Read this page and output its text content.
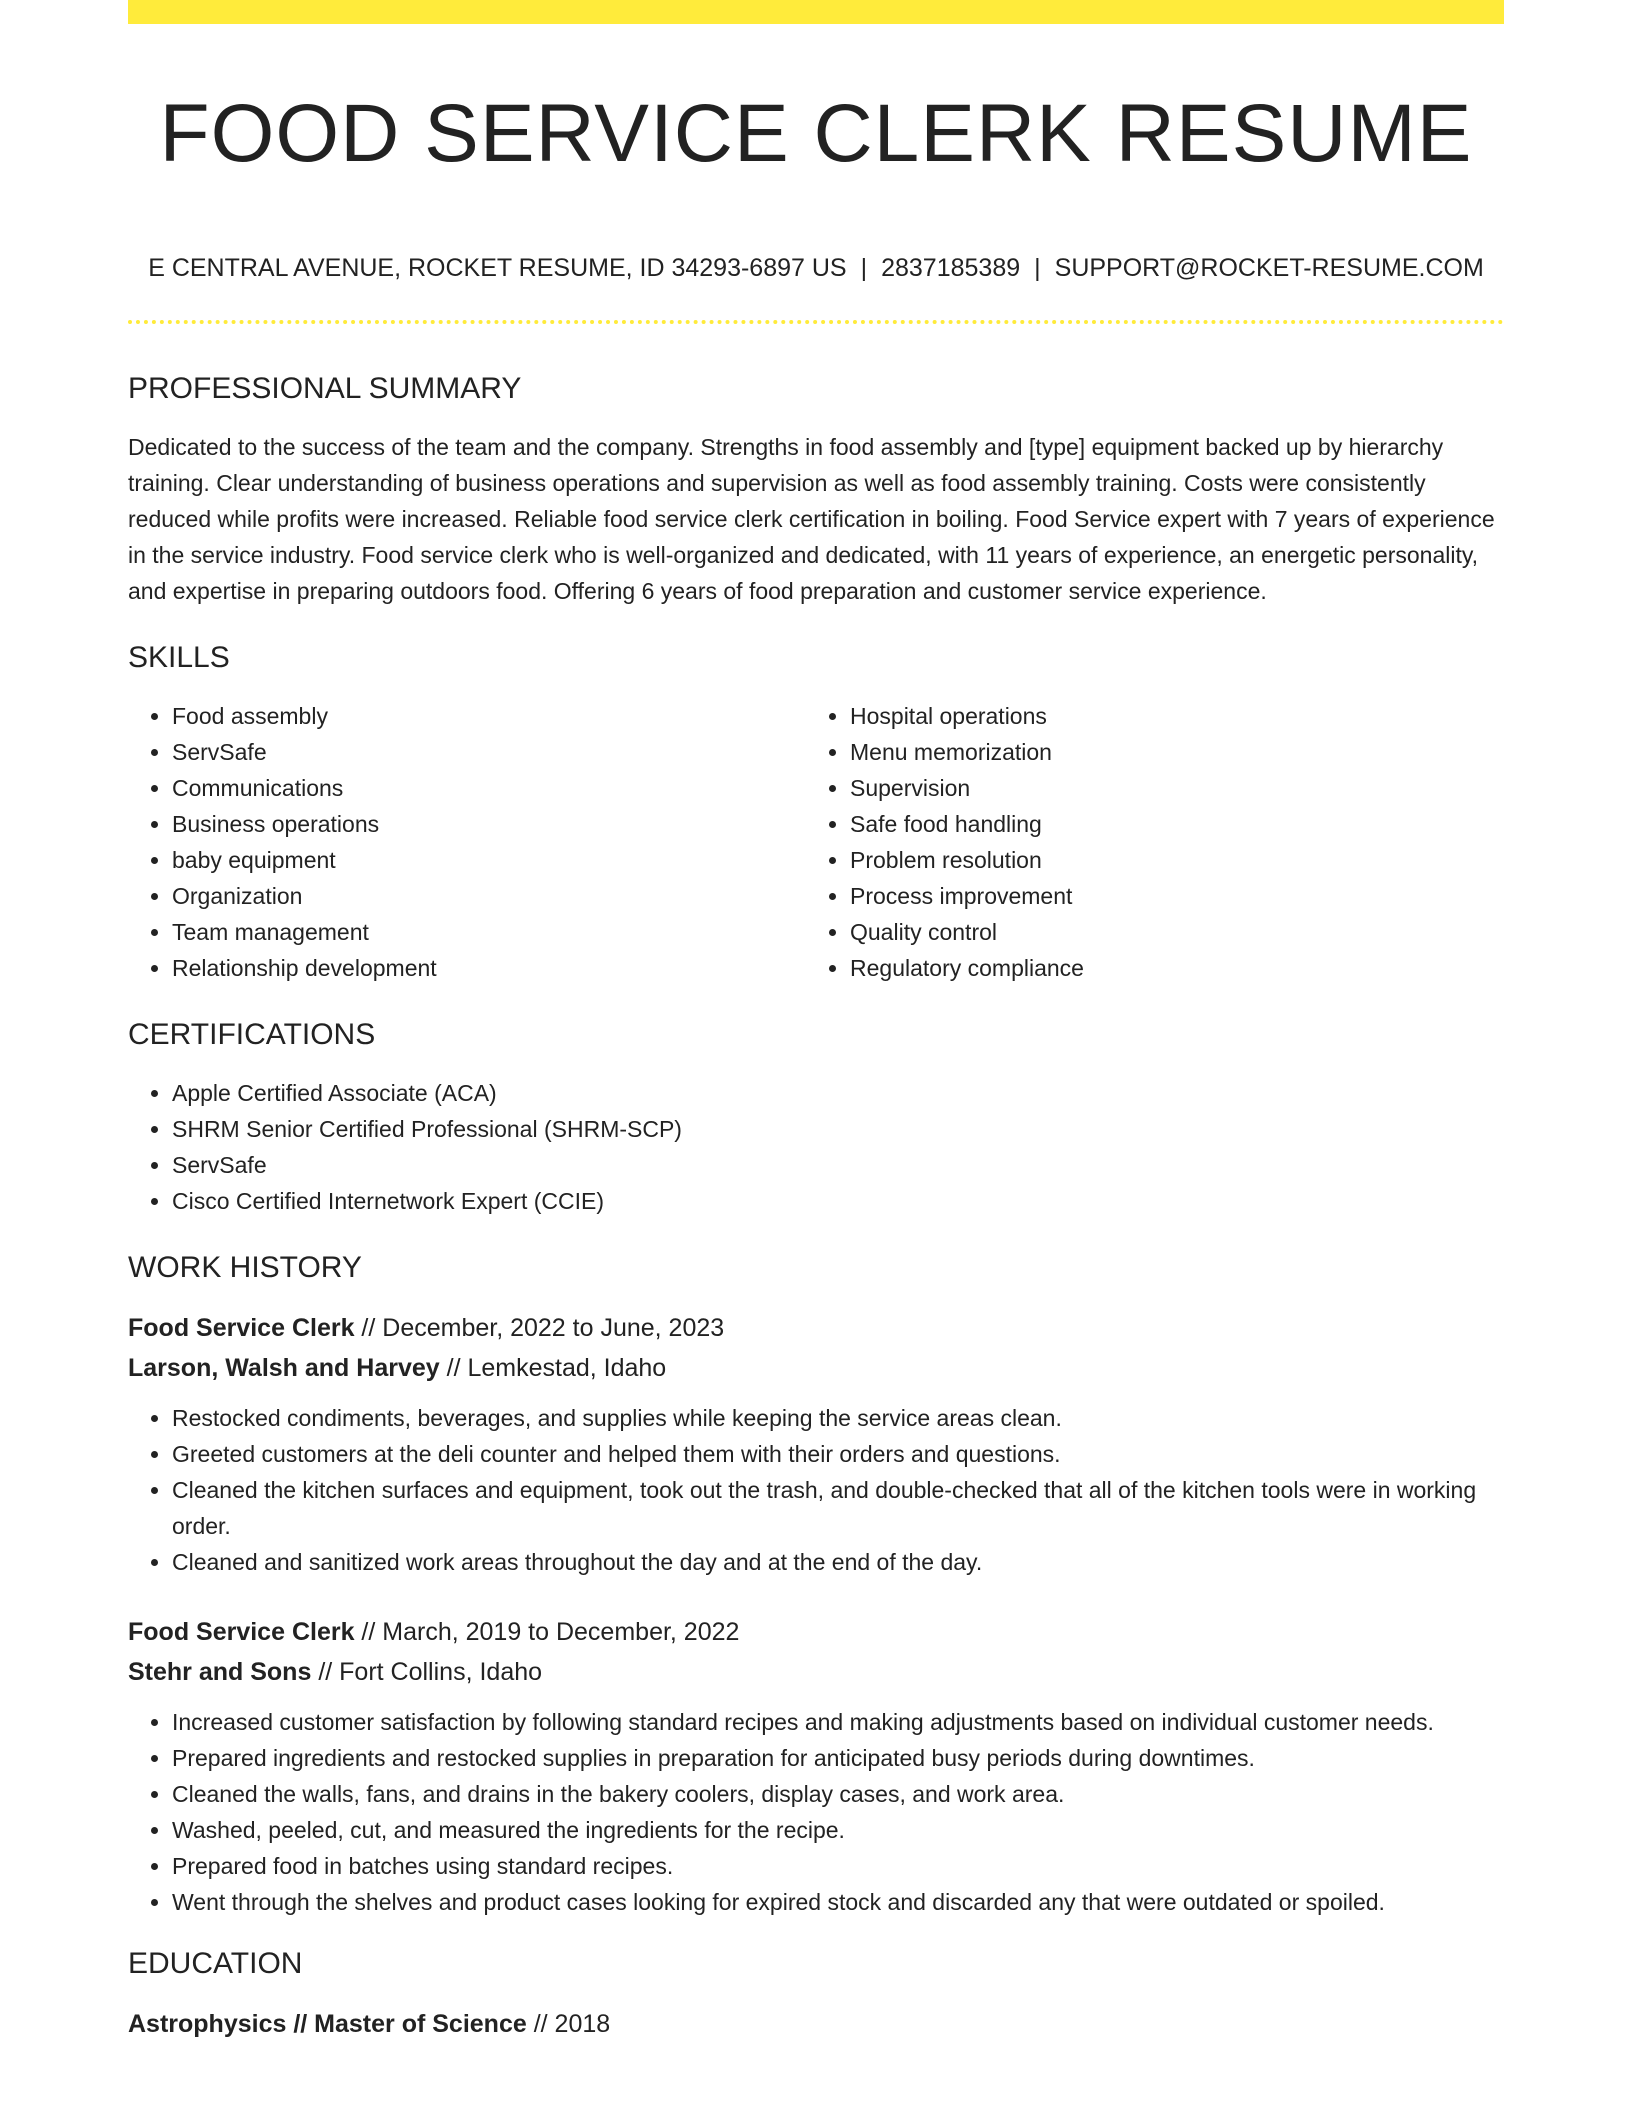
FOOD SERVICE CLERK RESUME
E CENTRAL AVENUE, ROCKET RESUME, ID 34293-6897 US | 2837185389 | SUPPORT@ROCKET-RESUME.COM
PROFESSIONAL SUMMARY

Dedicated to the success of the team and the company. Strengths in food assembly and [type] equipment backed up by hierarchy training. Clear understanding of business operations and supervision as well as food assembly training. Costs were consistently reduced while profits were increased. Reliable food service clerk certification in boiling. Food Service expert with 7 years of experience in the service industry. Food service clerk who is well-organized and dedicated, with 11 years of experience, an energetic personality, and expertise in preparing outdoors food. Offering 6 years of food preparation and customer service experience.

SKILLS
• Food assembly
• ServSafe
• Communications
• Business operations
• baby equipment
• Organization
• Team management
• Relationship development
• Hospital operations
• Menu memorization
• Supervision
• Safe food handling
• Problem resolution
• Process improvement
• Quality control
• Regulatory compliance
CERTIFICATIONS
• Apple Certified Associate (ACA)
• SHRM Senior Certified Professional (SHRM-SCP)
• ServSafe
• Cisco Certified Internetwork Expert (CCIE)
WORK HISTORY
Food Service Clerk // December, 2022 to June, 2023
Larson, Walsh and Harvey // Lemkestad, Idaho
• Restocked condiments, beverages, and supplies while keeping the service areas clean.
• Greeted customers at the deli counter and helped them with their orders and questions.
• Cleaned the kitchen surfaces and equipment, took out the trash, and double-checked that all of the kitchen tools were in working order.
• Cleaned and sanitized work areas throughout the day and at the end of the day.
Food Service Clerk // March, 2019 to December, 2022
Stehr and Sons // Fort Collins, Idaho
• Increased customer satisfaction by following standard recipes and making adjustments based on individual customer needs.
• Prepared ingredients and restocked supplies in preparation for anticipated busy periods during downtimes.
• Cleaned the walls, fans, and drains in the bakery coolers, display cases, and work area.
• Washed, peeled, cut, and measured the ingredients for the recipe.
• Prepared food in batches using standard recipes.
• Went through the shelves and product cases looking for expired stock and discarded any that were outdated or spoiled.
EDUCATION
Astrophysics // Master of Science // 2018
